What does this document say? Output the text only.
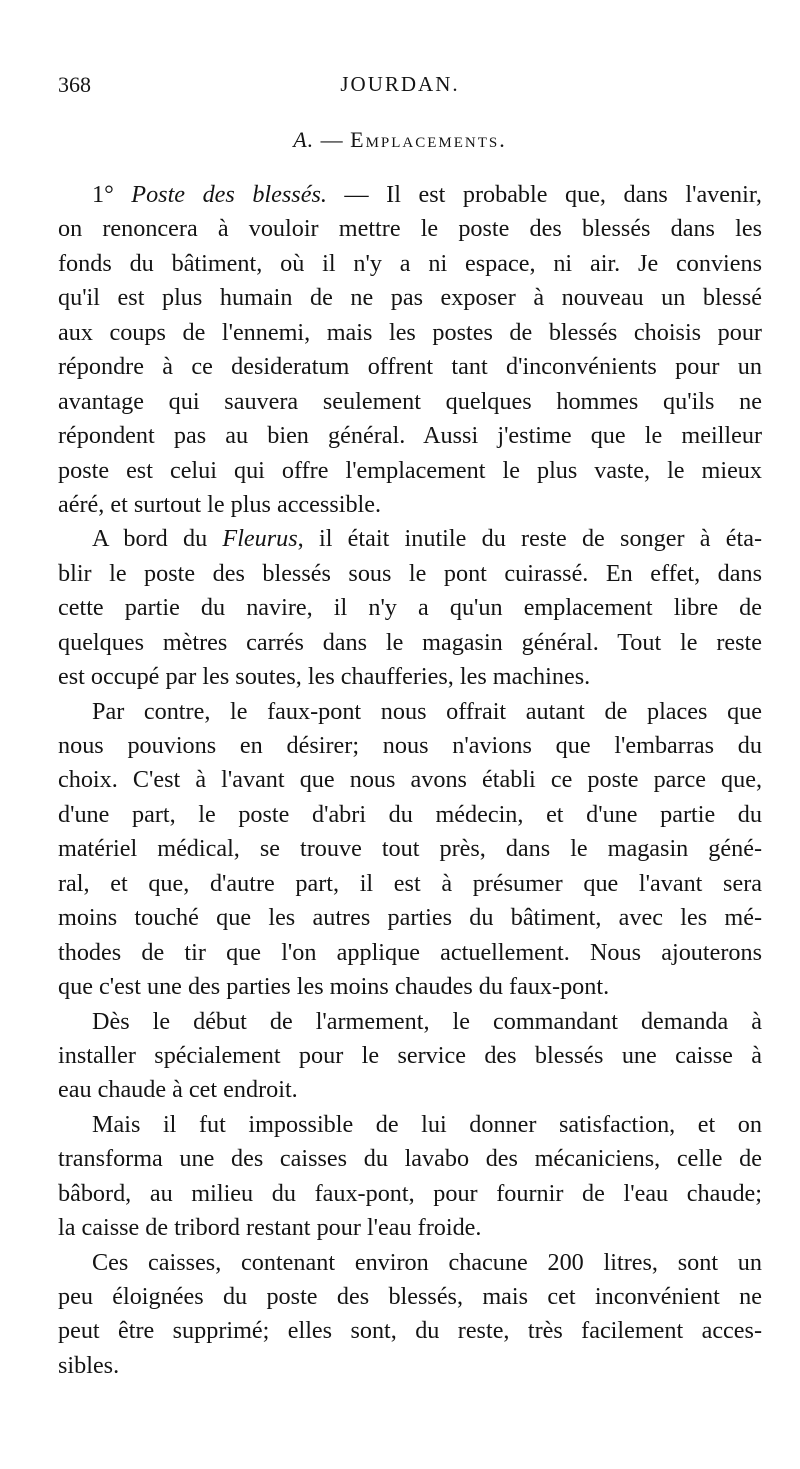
368	JOURDAN.
A. — Emplacements.
1° Poste des blessés. — Il est probable que, dans l'avenir,
on renoncera à vouloir mettre le poste des blessés dans les
fonds du bâtiment, où il n'y a ni espace, ni air. Je conviens
qu'il est plus humain de ne pas exposer à nouveau un blessé
aux coups de l'ennemi, mais les postes de blessés choisis pour
répondre à ce desideratum offrent tant d'inconvénients pour un
avantage qui sauvera seulement quelques hommes qu'ils ne
répondent pas au bien général. Aussi j'estime que le meilleur
poste est celui qui offre l'emplacement le plus vaste, le mieux
aéré, et surtout le plus accessible.
A bord du Fleurus, il était inutile du reste de songer à éta-
blir le poste des blessés sous le pont cuirassé. En effet, dans
cette partie du navire, il n'y a qu'un emplacement libre de
quelques mètres carrés dans le magasin général. Tout le reste
est occupé par les soutes, les chaufferies, les machines.
Par contre, le faux-pont nous offrait autant de places que
nous pouvions en désirer; nous n'avions que l'embarras du
choix. C'est à l'avant que nous avons établi ce poste parce que,
d'une part, le poste d'abri du médecin, et d'une partie du
matériel médical, se trouve tout près, dans le magasin géné-
ral, et que, d'autre part, il est à présumer que l'avant sera
moins touché que les autres parties du bâtiment, avec les mé-
thodes de tir que l'on applique actuellement. Nous ajouterons
que c'est une des parties les moins chaudes du faux-pont.
Dès le début de l'armement, le commandant demanda à
installer spécialement pour le service des blessés une caisse à
eau chaude à cet endroit.
Mais il fut impossible de lui donner satisfaction, et on
transforma une des caisses du lavabo des mécaniciens, celle de
bâbord, au milieu du faux-pont, pour fournir de l'eau chaude;
la caisse de tribord restant pour l'eau froide.
Ces caisses, contenant environ chacune 200 litres, sont un
peu éloignées du poste des blessés, mais cet inconvénient ne
peut être supprimé; elles sont, du reste, très facilement acces-
sibles.
